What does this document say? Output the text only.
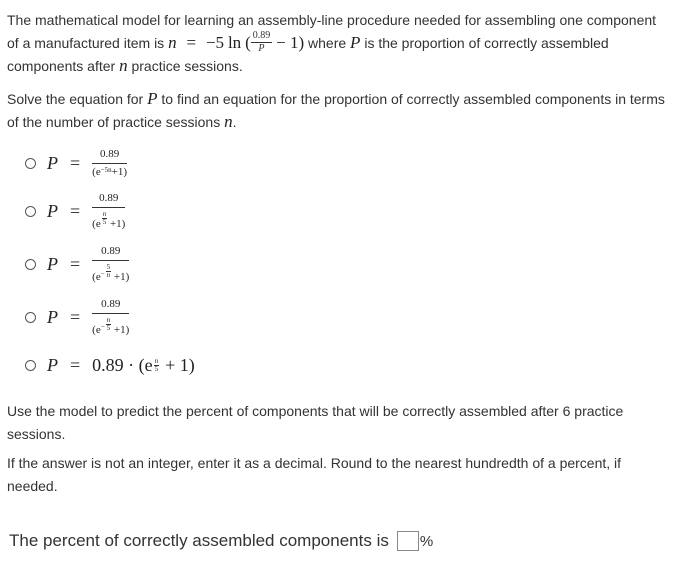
The mathematical model for learning an assembly-line procedure needed for assembling one component of a manufactured item is n = −5 ln ( $\frac{0.89}{P} - 1$) where P is the proportion of correctly assembled components after n practice sessions.
Solve the equation for P to find an equation for the proportion of correctly assembled components in terms of the number of practice sessions n.
$P = \frac{0.89}{(e^{-5n}+1)}$
$P = \frac{0.89}{(e \frac{n}{5} +1)}$
$P = \frac{0.89}{(e^- \frac{5}{n} +1)}$
$P = \frac{0.89}{(e^- \frac{n}{5} +1)}$
$P = 0.89 \cdot (e \frac{n}{5} + 1)$
Use the model to predict the percent of components that will be correctly assembled after 6 practice sessions.
If the answer is not an integer, enter it as a decimal. Round to the nearest hundredth of a percent, if needed.
The percent of correctly assembled components is %
